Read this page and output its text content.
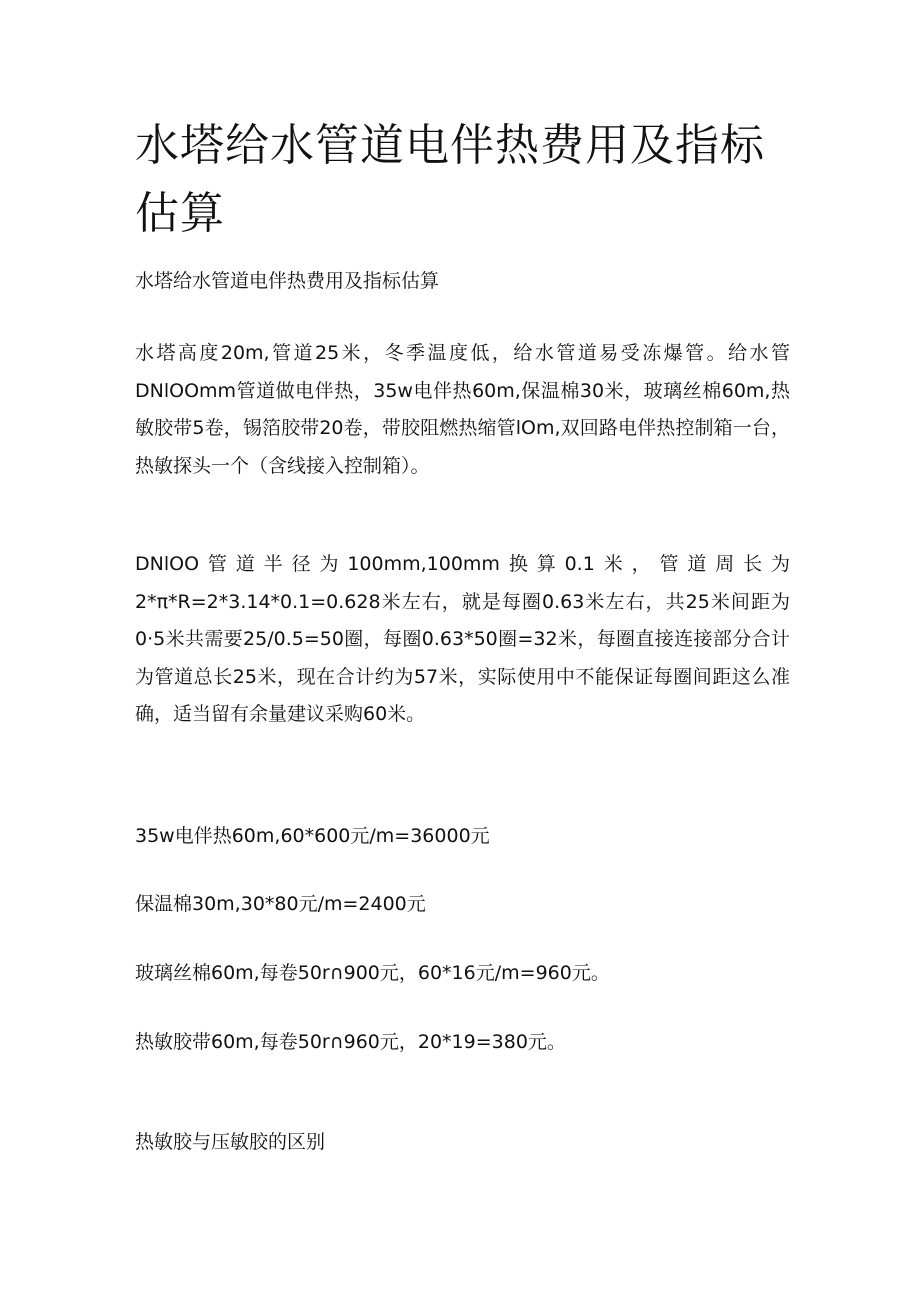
水塔给水管道电伴热费用及指标估算

水塔给水管道电伴热费用及指标估算

水塔高度20m,管道25米，冬季温度低，给水管道易受冻爆管。给水管DNlOOmm管道做电伴热，35w电伴热60m,保温棉30米，玻璃丝棉60m,热敏胶带5卷，锡箔胶带20卷，带胶阻燃热缩管lOm,双回路电伴热控制箱一台，热敏探头一个（含线接入控制箱）。

DNlOO管道半径为100mm,100mm换算0.1米，管道周长为2*π*R=2*3.14*0.1=0.628米左右，就是每圈0.63米左右，共25米间距为0·5米共需要25/0.5=50圈，每圈0.63*50圈=32米，每圈直接连接部分合计为管道总长25米，现在合计约为57米，实际使用中不能保证每圈间距这么准确，适当留有余量建议采购60米。

35w电伴热60m,60*600元/m=36000元

保温棉30m,30*80元/m=2400元

玻璃丝棉60m,每卷50r∩900元，60*16元/m=960元。

热敏胶带60m,每卷50r∩960元，20*19=380元。

热敏胶与压敏胶的区别
